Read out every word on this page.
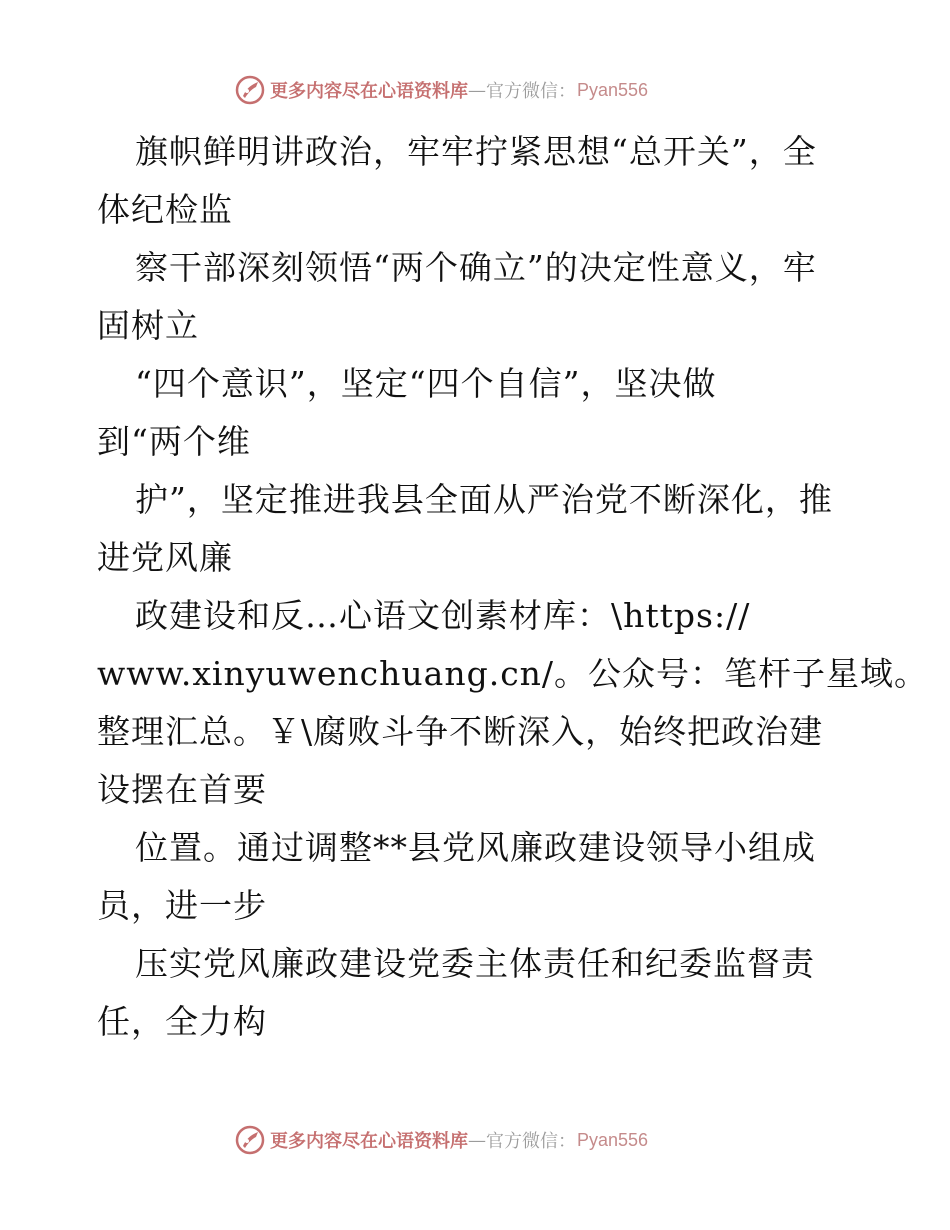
更多内容尽在心语资料库 — 官方微信： Pyan556
旗帜鲜明讲政治，牢牢拧紧思想“总开关”，全
体纪检监
察干部深刻领悟“两个确立”的决定性意义，牢
固树立
“四个意识”，坚定“四个自信”，坚决做
到“两个维
护”，坚定推进我县全面从严治党不断深化，推
进党风廉
政建设和反…心语文创素材库：\https://
www.xinyuwenchuang.cn/。公众号：笔杆子星域。
整理汇总。￥\腐败斗争不断深入，始终把政治建
设摆在首要
位置。通过调整**县党风廉政建设领导小组成
员，进一步
压实党风廉政建设党委主体责任和纪委监督责
任，全力构
更多内容尽在心语资料库 — 官方微信： Pyan556
